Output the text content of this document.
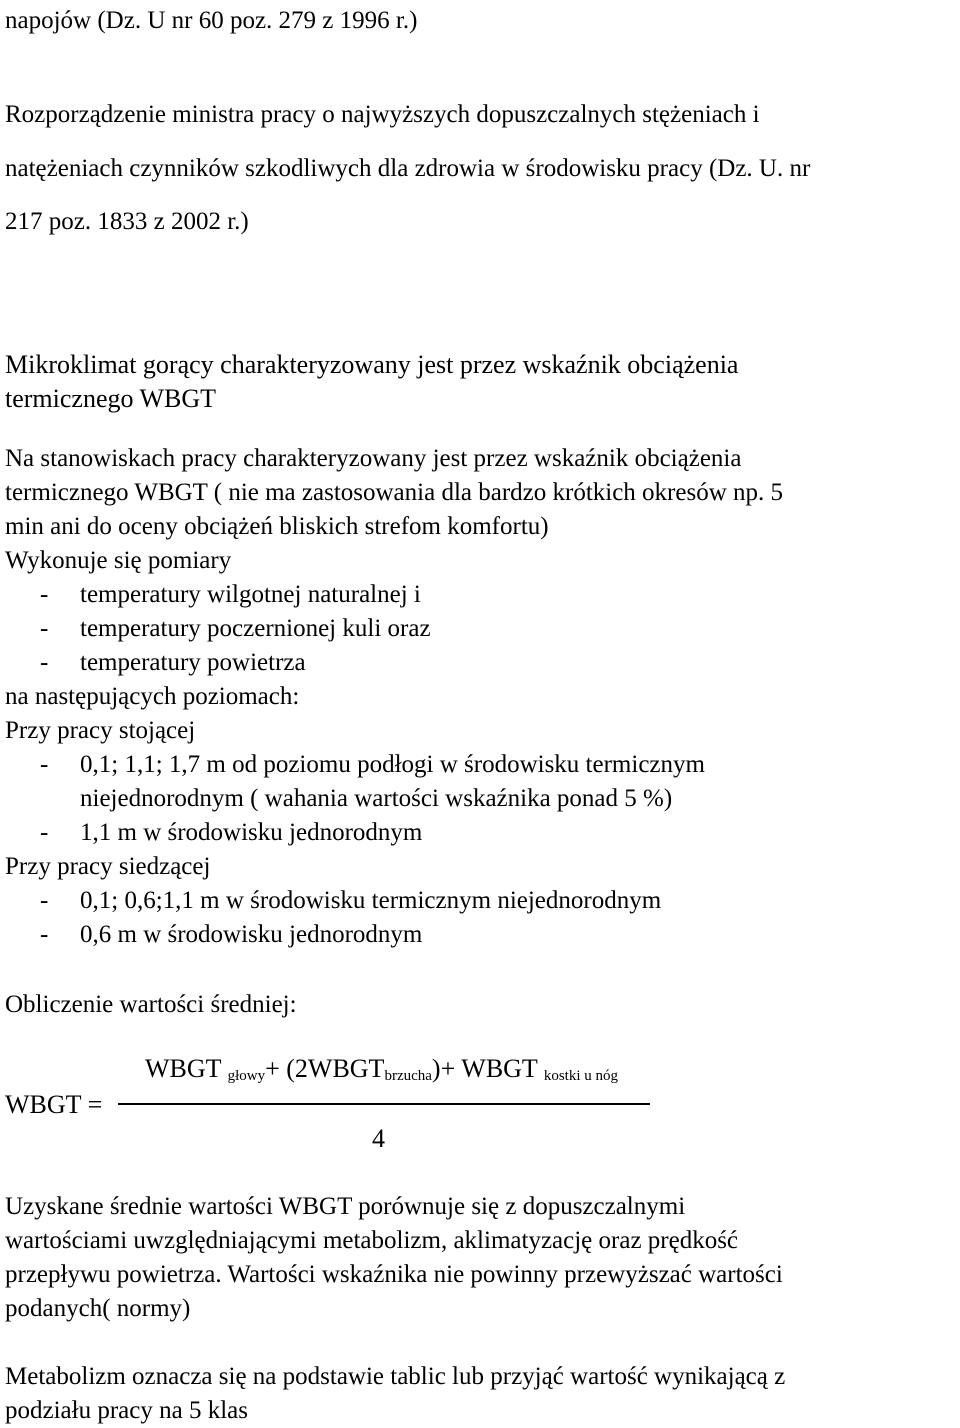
napojów (Dz. U nr 60 poz. 279 z 1996 r.)
Rozporządzenie ministra pracy o najwyższych dopuszczalnych stężeniach i
natężeniach czynników szkodliwych dla zdrowia w środowisku pracy (Dz. U. nr
217 poz. 1833 z 2002 r.)
Mikroklimat gorący charakteryzowany jest przez wskaźnik obciążenia
termicznego WBGT
Na stanowiskach pracy charakteryzowany jest przez wskaźnik obciążenia
termicznego WBGT ( nie ma zastosowania dla bardzo krótkich okresów np. 5
min ani do oceny obciążeń bliskich strefom komfortu)
Wykonuje się pomiary
- temperatury wilgotnej naturalnej i
- temperatury poczernionej kuli oraz
- temperatury powietrza
na następujących poziomach:
Przy pracy stojącej
- 0,1; 1,1; 1,7 m od poziomu podłogi w środowisku termicznym
niejednorodnym ( wahania wartości wskaźnika ponad 5 %)
- 1,1 m w środowisku jednorodnym
Przy pracy siedzącej
- 0,1; 0,6;1,1 m w środowisku termicznym niejednorodnym
- 0,6 m w środowisku jednorodnym
Obliczenie wartości średniej:
WBGT $_{głowy}+ (2WBGT_{brzucha})+$ WBGT $_{kostki u nóg}$
WBGT =
4
Uzyskane średnie wartości WBGT porównuje się z dopuszczalnymi
wartościami uwzględniającymi metabolizm, aklimatyzację oraz prędkość
przepływu powietrza. Wartości wskaźnika nie powinny przewyższać wartości
podanych( normy)
Metabolizm oznacza się na podstawie tablic lub przyjąć wartość wynikającą z
podziału pracy na 5 klas
